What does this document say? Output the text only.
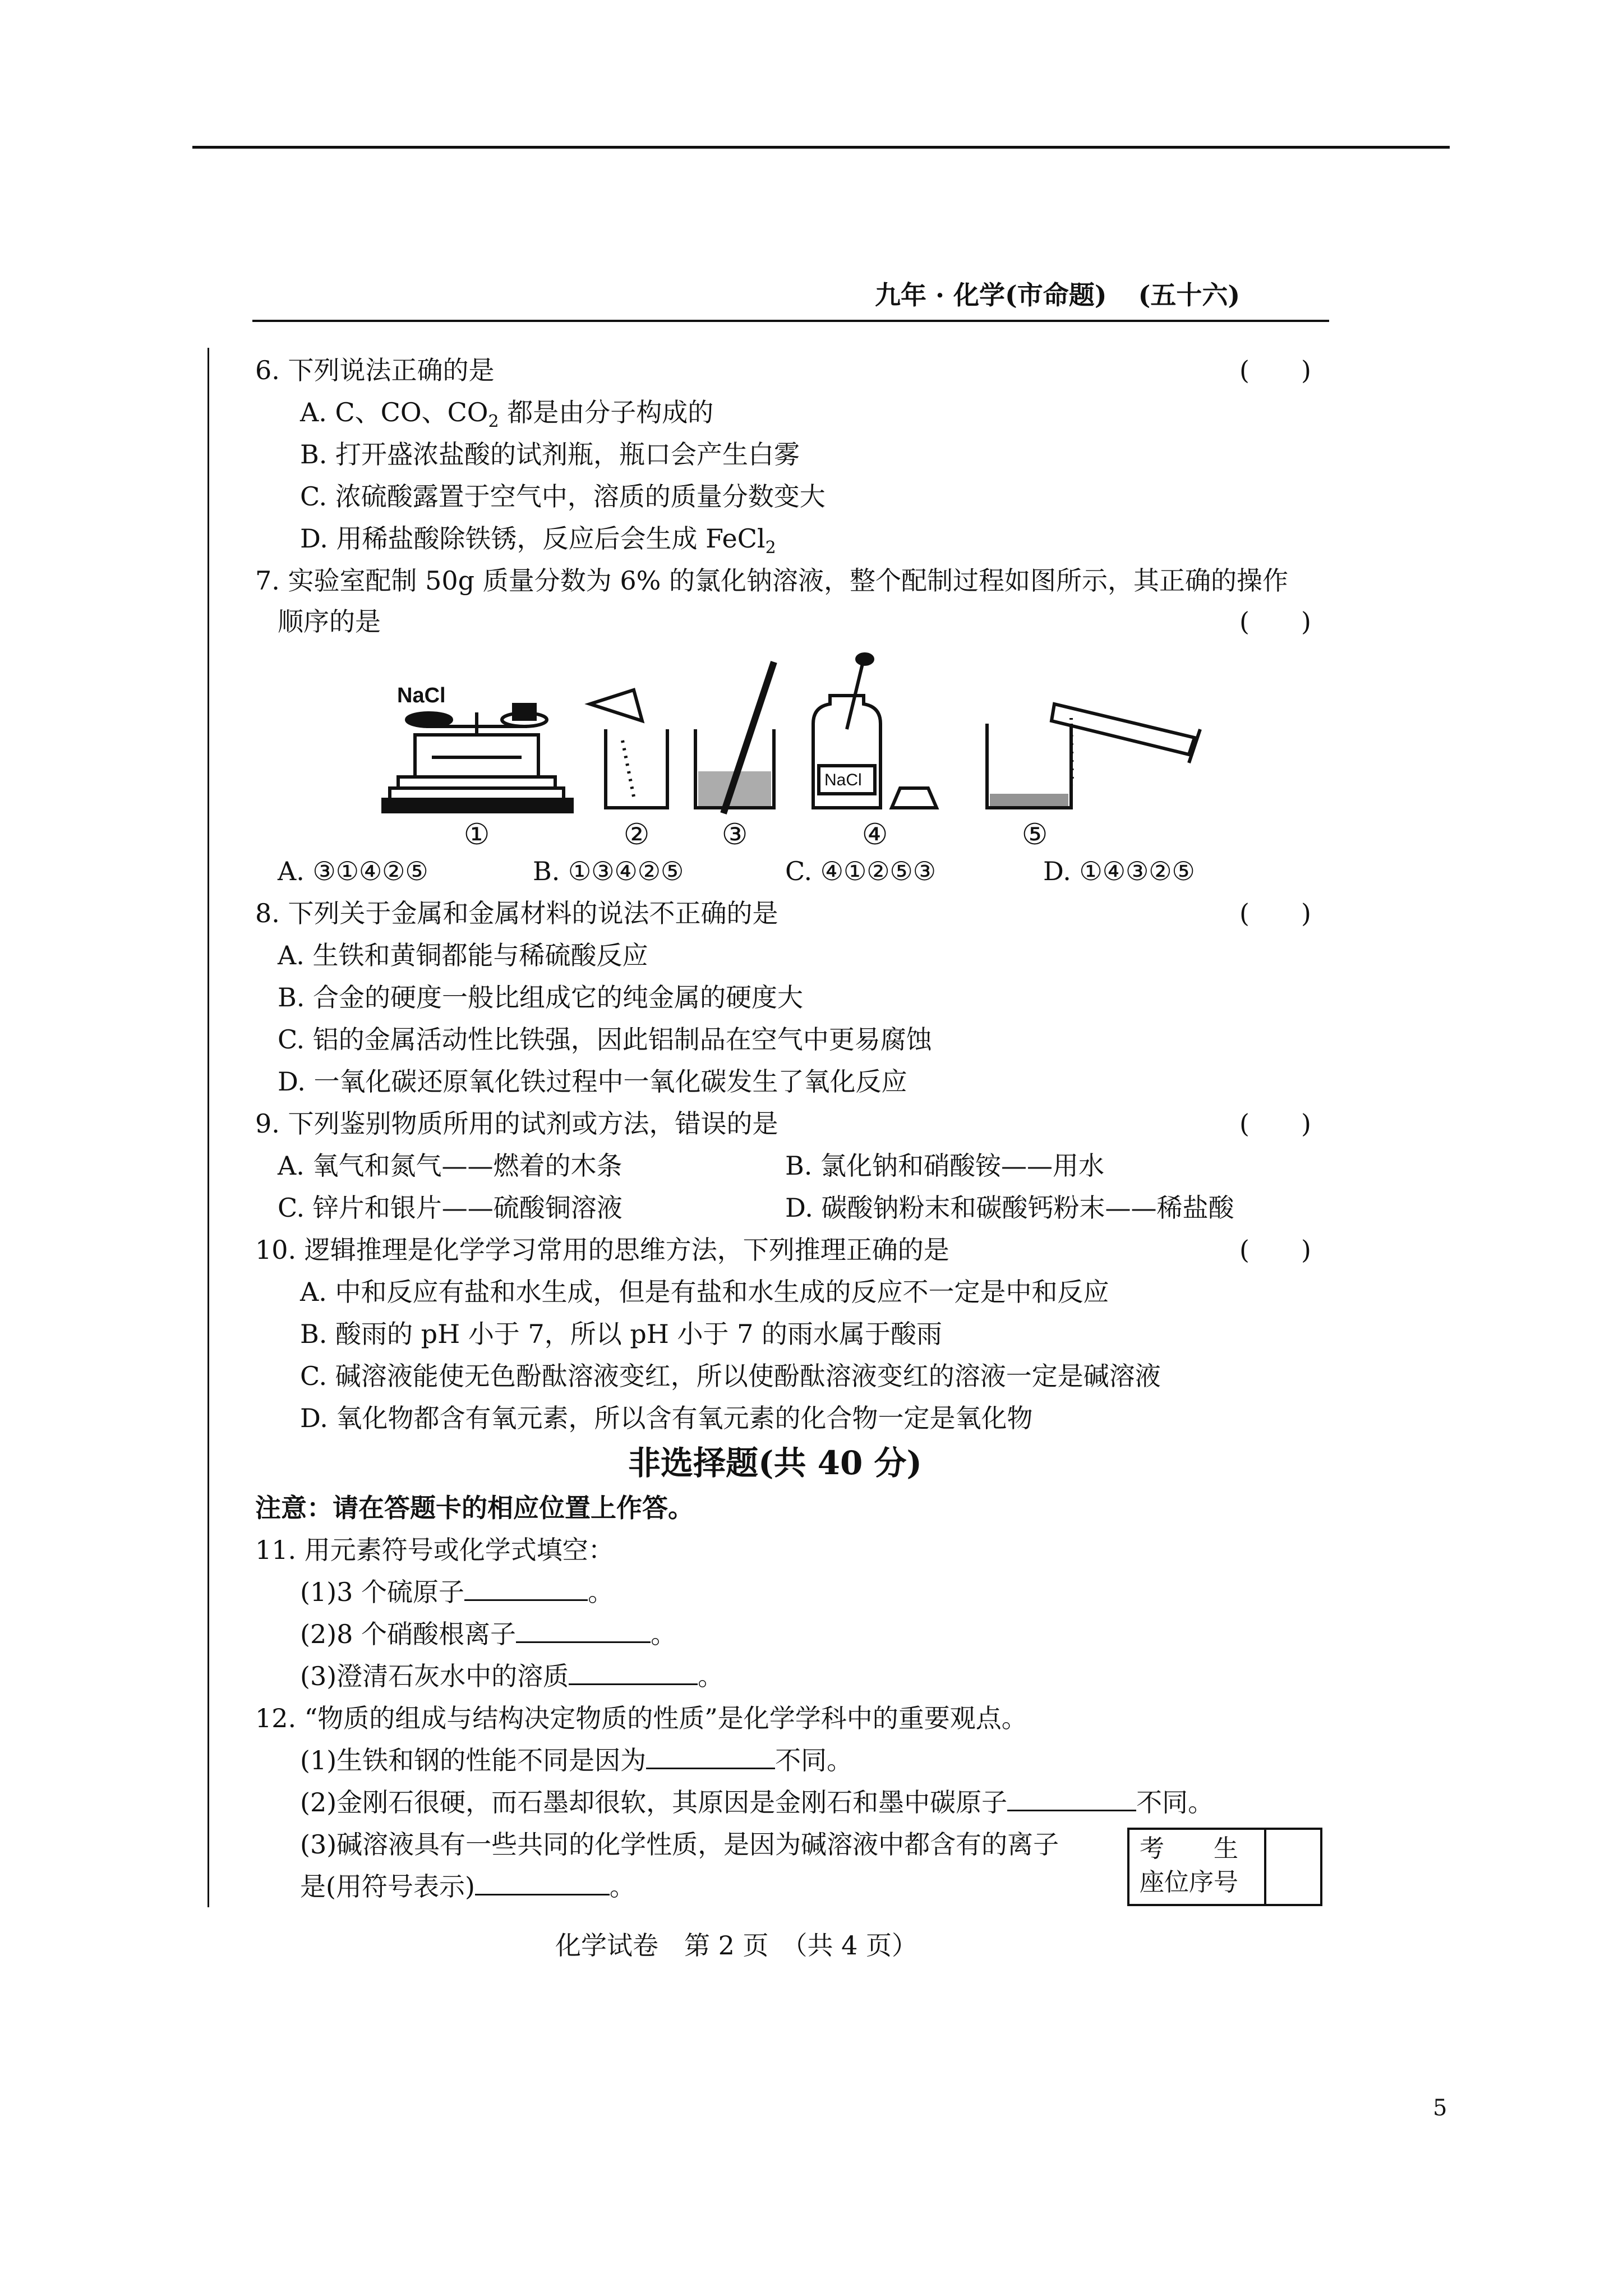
九年 · 化学(市命题) (五十六)
6. 下列说法正确的是	(　　)
A. C、CO、$CO_2$ 都是由分子构成的
B. 打开盛浓盐酸的试剂瓶，瓶口会产生白雾
C. 浓硫酸露置于空气中，溶质的质量分数变大
D. 用稀盐酸除铁锈，反应后会生成 FeCl$_2$
7. 实验室配制 50g 质量分数为 6% 的氯化钠溶液，整个配制过程如图所示，其正确的操作
顺序的是	(　　)
NaCl
NaCl
①	② ③	④	⑤
A. ③①④②⑤	B. ①③④②⑤	C. ④①②⑤③	D. ①④③②⑤
8. 下列关于金属和金属材料的说法不正确的是	(　　)
A. 生铁和黄铜都能与稀硫酸反应
B. 合金的硬度一般比组成它的纯金属的硬度大
C. 铝的金属活动性比铁强，因此铝制品在空气中更易腐蚀
D. 一氧化碳还原氧化铁过程中一氧化碳发生了氧化反应
9. 下列鉴别物质所用的试剂或方法，错误的是	(　　)
A. 氧气和氮气——燃着的木条	B. 氯化钠和硝酸铵——用水
C. 锌片和银片——硫酸铜溶液	D. 碳酸钠粉末和碳酸钙粉末——稀盐酸
10. 逻辑推理是化学学习常用的思维方法，下列推理正确的是	(　　)
A. 中和反应有盐和水生成，但是有盐和水生成的反应不一定是中和反应
B. 酸雨的 pH 小于 7，所以 pH 小于 7 的雨水属于酸雨
C. 碱溶液能使无色酚酞溶液变红，所以使酚酞溶液变红的溶液一定是碱溶液
D. 氧化物都含有氧元素，所以含有氧元素的化合物一定是氧化物
非选择题(共 40 分)
注意：请在答题卡的相应位置上作答。
11. 用元素符号或化学式填空：
(1)3 个硫原子	。
(2)8 个硝酸根离子	。
(3)澄清石灰水中的溶质	。
12. “物质的组成与结构决定物质的性质”是化学学科中的重要观点。
(1)生铁和钢的性能不同是因为	不同。
(2)金刚石很硬，而石墨却很软，其原因是金刚石和墨中碳原子	不同。
(3)碱溶液具有一些共同的化学性质，是因为碱溶液中都含有的离子
是(用符号表示)	。
考　　生
座位序号
化学试卷　第 2 页　（共 4 页）
5
